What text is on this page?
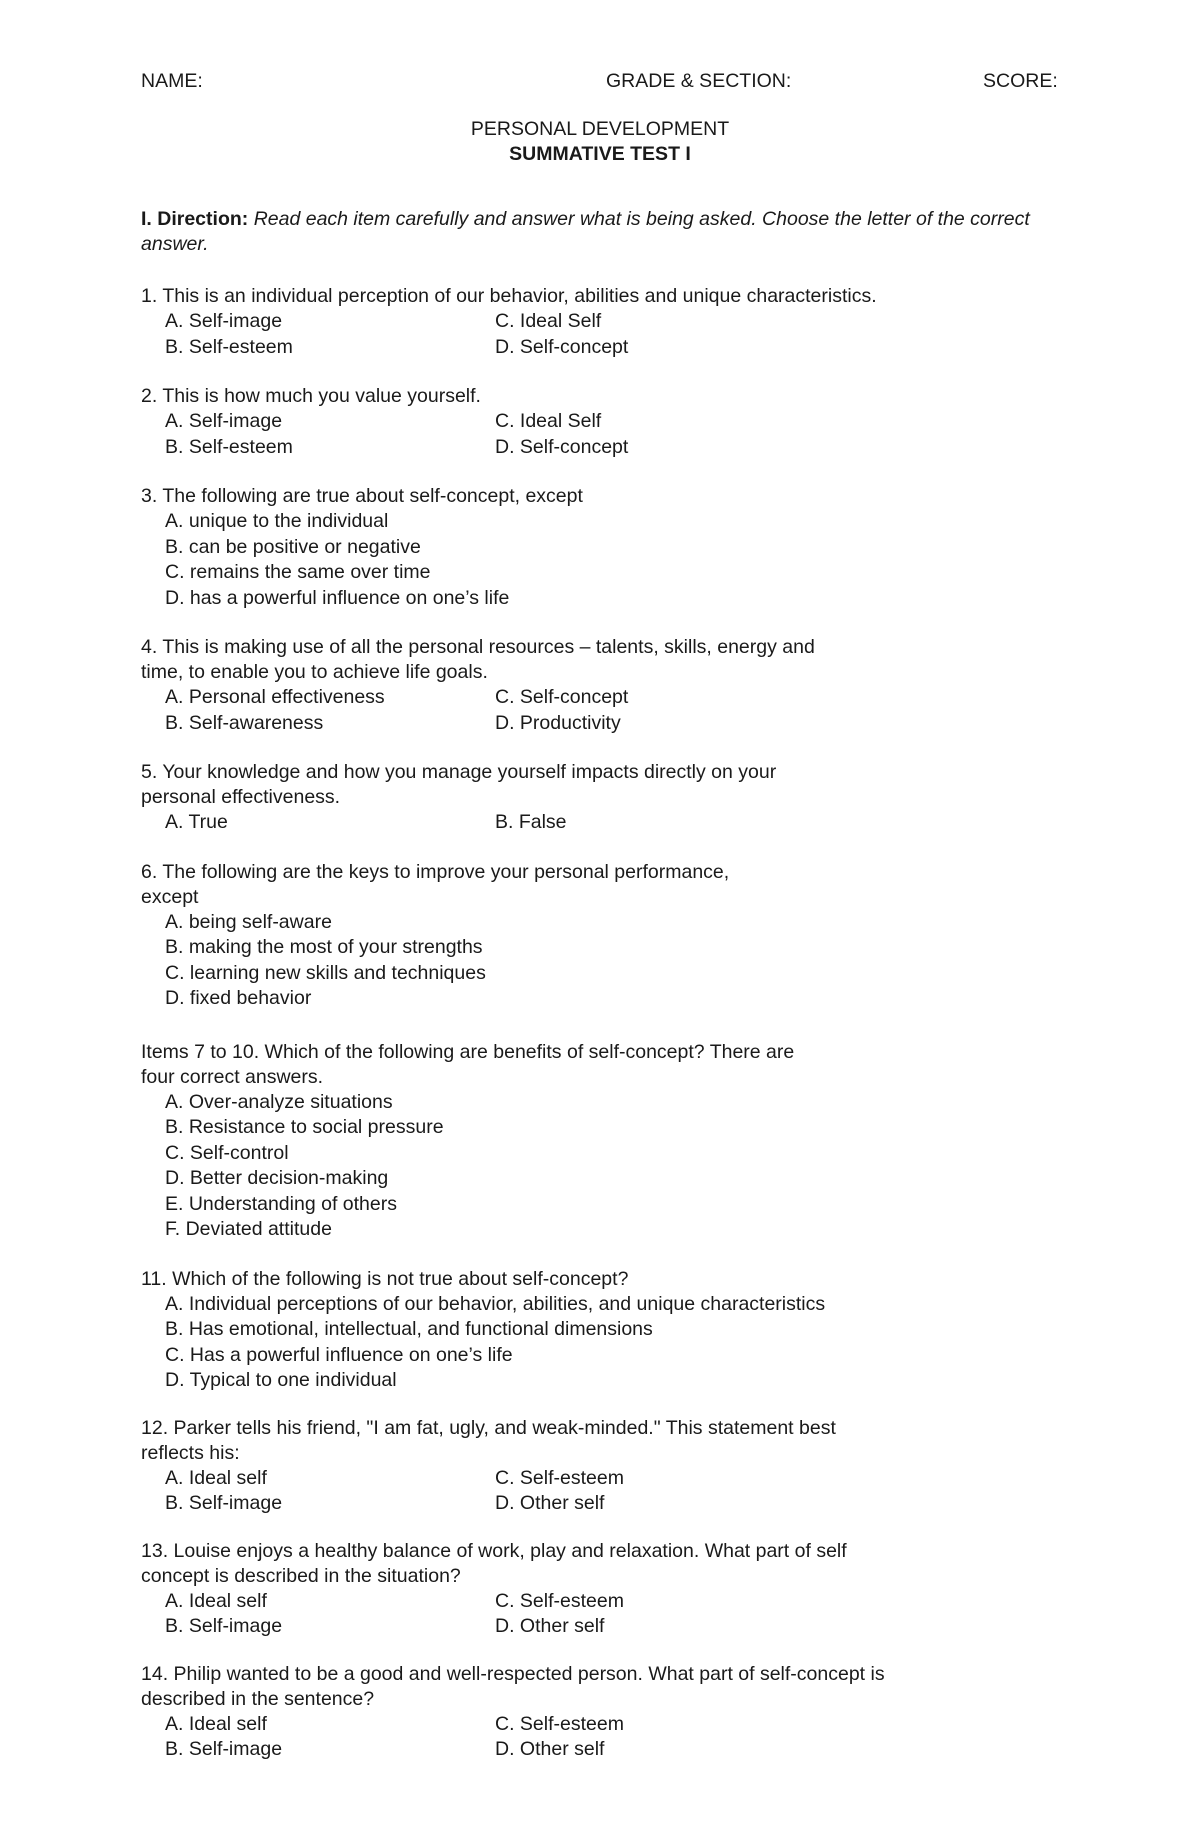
NAME:	GRADE & SECTION:	SCORE:
PERSONAL DEVELOPMENT
SUMMATIVE TEST I
I. Direction: Read each item carefully and answer what is being asked. Choose the letter of the correct answer.
1. This is an individual perception of our behavior, abilities and unique characteristics.
A. Self-image	C. Ideal Self
B. Self-esteem	D. Self-concept
2. This is how much you value yourself.
A. Self-image	C. Ideal Self
B. Self-esteem	D. Self-concept
3. The following are true about self-concept, except
A. unique to the individual
B. can be positive or negative
C. remains the same over time
D. has a powerful influence on one’s life
4. This is making use of all the personal resources – talents, skills, energy and
time, to enable you to achieve life goals.
A. Personal effectiveness	C. Self-concept
B. Self-awareness	D. Productivity
5. Your knowledge and how you manage yourself impacts directly on your
personal effectiveness.
A. True	B. False
6. The following are the keys to improve your personal performance,
except
A. being self-aware
B. making the most of your strengths
C. learning new skills and techniques
D. fixed behavior
Items 7 to 10. Which of the following are benefits of self-concept? There are
four correct answers.
A. Over-analyze situations
B. Resistance to social pressure
C. Self-control
D. Better decision-making
E. Understanding of others
F. Deviated attitude
11. Which of the following is not true about self-concept?
A. Individual perceptions of our behavior, abilities, and unique characteristics
B. Has emotional, intellectual, and functional dimensions
C. Has a powerful influence on one’s life
D. Typical to one individual
12. Parker tells his friend, "I am fat, ugly, and weak-minded." This statement best
reflects his:
A. Ideal self	C. Self-esteem
B. Self-image	D. Other self
13. Louise enjoys a healthy balance of work, play and relaxation. What part of self
concept is described in the situation?
A. Ideal self	C. Self-esteem
B. Self-image	D. Other self
14. Philip wanted to be a good and well-respected person. What part of self-concept is
described in the sentence?
A. Ideal self	C. Self-esteem
B. Self-image	D. Other self
